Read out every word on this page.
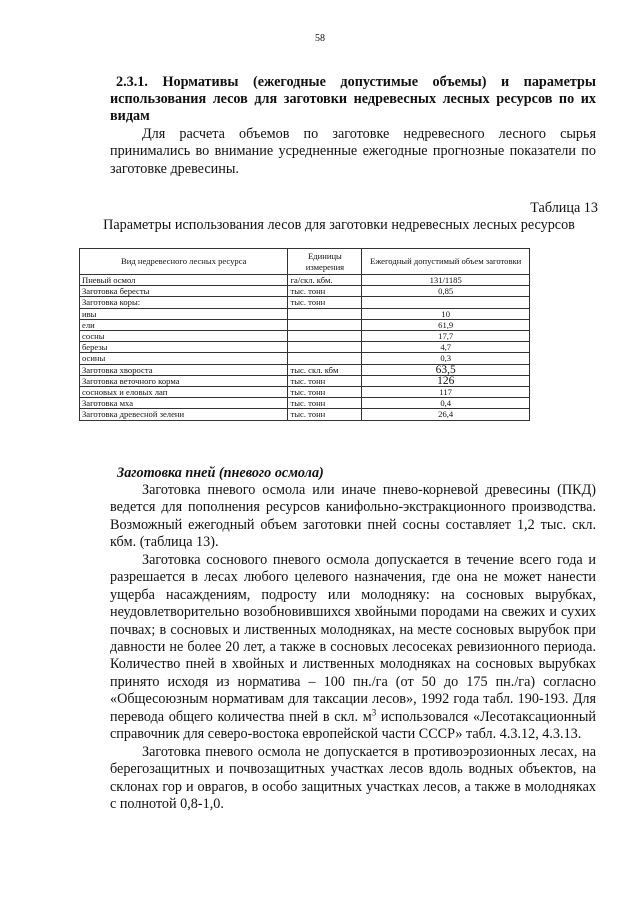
58
2.3.1. Нормативы (ежегодные допустимые объемы) и параметры использования лесов для заготовки недревесных лесных ресурсов по их видам

Для расчета объемов по заготовке недревесного лесного сырья принимались во внимание усредненные ежегодные прогнозные показатели по заготовке древесины.

Таблица 13
Параметры использования лесов для заготовки недревесных лесных ресурсов
Вид недревесного лесных ресурса	Единицы измерения	Ежегодный допустимый объем заготовки
Пневый осмол	га/скл. кбм.	131/1185
Заготовка бересты	тыс. тонн	0,85
Заготовка коры:	тыс. тонн	
ивы		10
ели		61,9
сосны		17,7
березы		4,7
осины		0,3
Заготовка хвороста	тыс. скл. кбм	63,5
Заготовка веточного корма	тыс. тонн	126
сосновых и еловых лап	тыс. тонн	117
Заготовка мха	тыс. тонн	0,4
Заготовка древесной зелени	тыс. тонн	26,4
Заготовка пней (пневого осмола)

Заготовка пневого осмола или иначе пнево-корневой древесины (ПКД) ведется для пополнения ресурсов канифольно-экстракционного производства. Возможный ежегодный объем заготовки пней сосны составляет 1,2 тыс. скл. кбм. (таблица 13).

Заготовка соснового пневого осмола допускается в течение всего года и разрешается в лесах любого целевого назначения, где она не может нанести ущерба насаждениям, подросту или молодняку: на сосновых вырубках, неудовлетворительно возобновившихся хвойными породами на свежих и сухих почвах; в сосновых и лиственных молодняках, на месте сосновых вырубок при давности не более 20 лет, а также в сосновых лесосеках ревизионного периода. Количество пней в хвойных и лиственных молодняках на сосновых вырубках принято исходя из норматива – 100 пн./га (от 50 до 175 пн./га) согласно «Общесоюзным нормативам для таксации лесов», 1992 года табл. 190-193. Для перевода общего количества пней в скл. $м^3$ использовался «Лесотаксационный справочник для северо-востока европейской части СССР» табл. 4.3.12, 4.3.13.

Заготовка пневого осмола не допускается в противоэрозионных лесах, на берегозащитных и почвозащитных участках лесов вдоль водных объектов, на склонах гор и оврагов, в особо защитных участках лесов, а также в молодняках с полнотой 0,8-1,0.
